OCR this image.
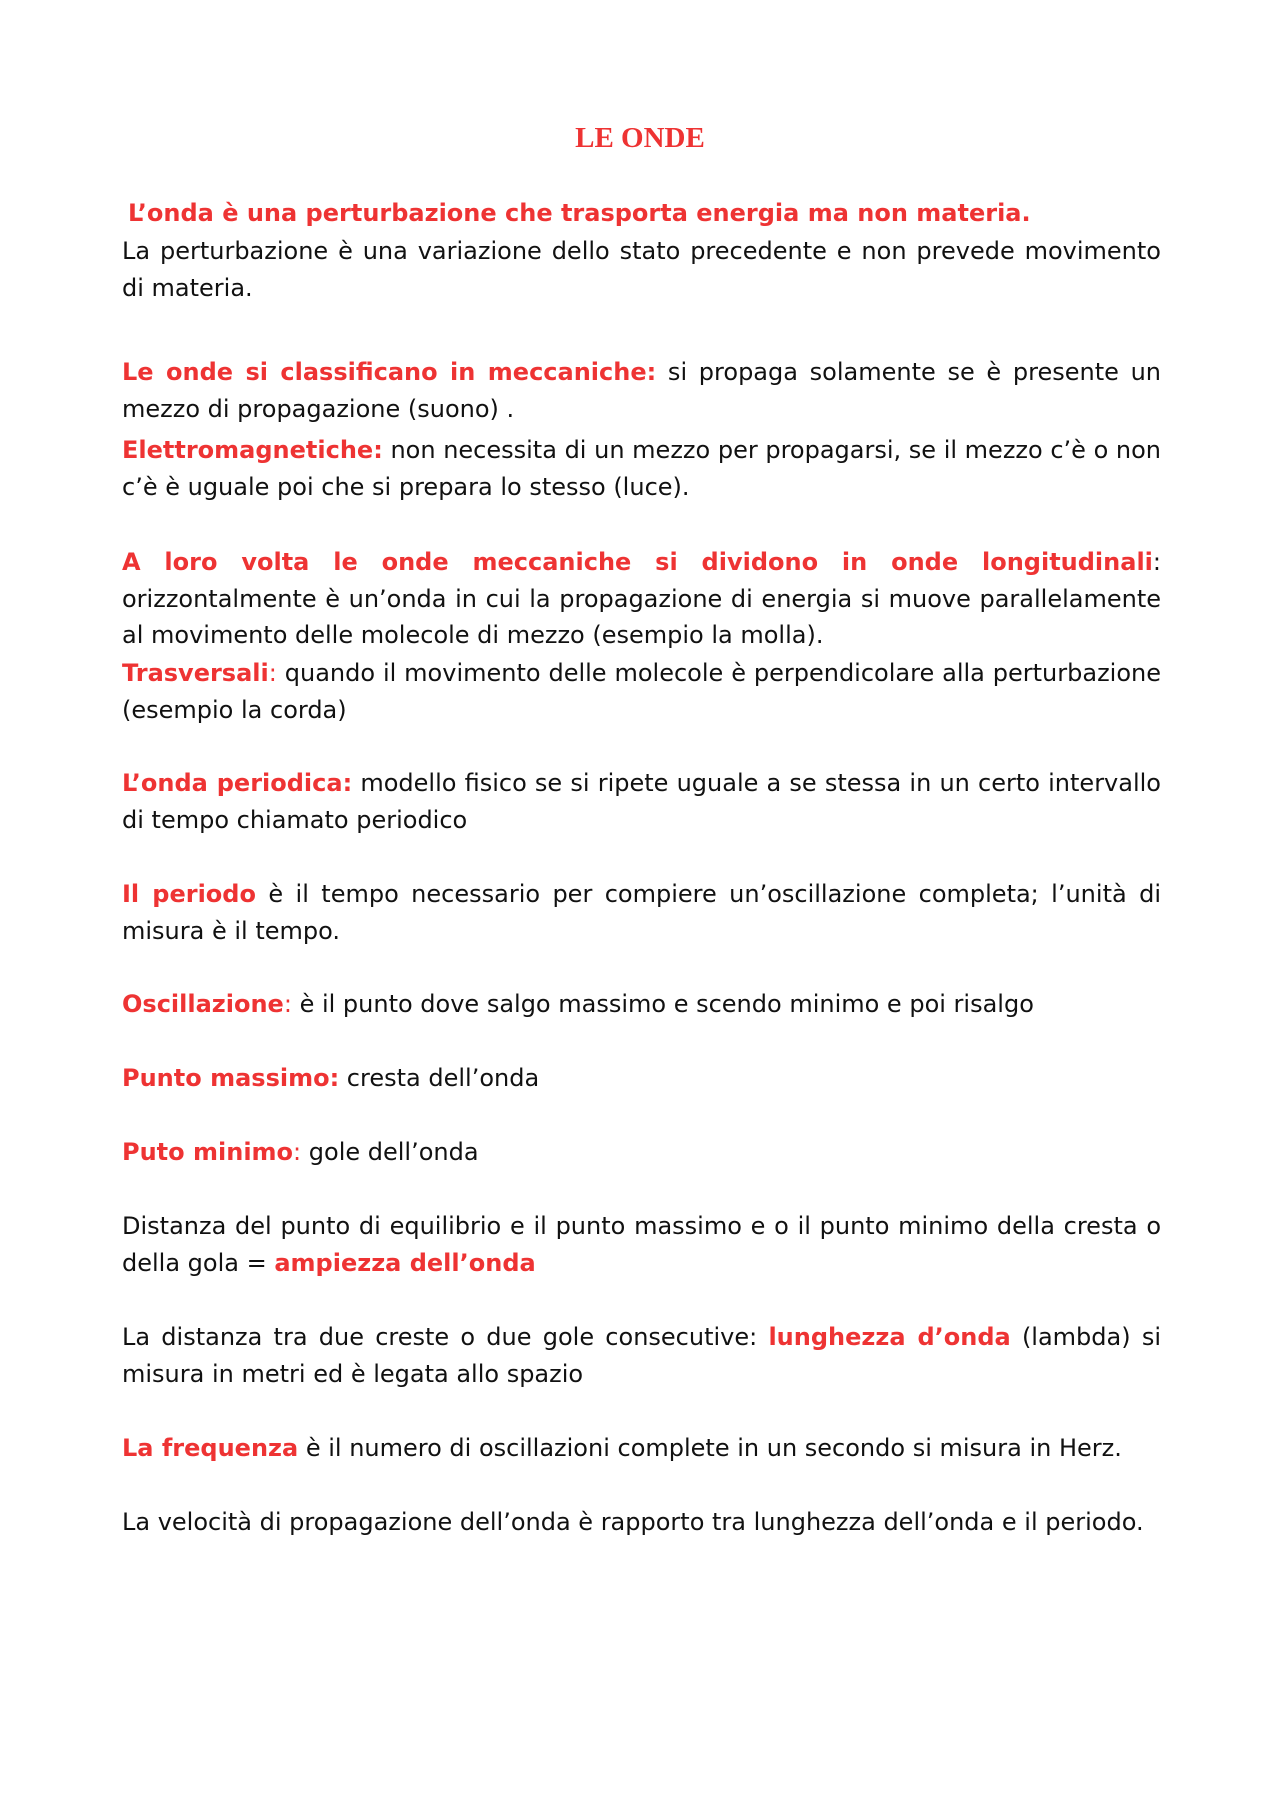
LE ONDE

L’onda è una perturbazione che trasporta energia ma non materia.

La perturbazione è una variazione dello stato precedente e non prevede movimento di materia.

Le onde si classificano in meccaniche: si propaga solamente se è presente un mezzo di propagazione (suono) .

Elettromagnetiche: non necessita di un mezzo per propagarsi, se il mezzo c’è o non c’è è uguale poi che si prepara lo stesso (luce).

A loro volta le onde meccaniche si dividono in onde longitudinali: orizzontalmente è un’onda in cui la propagazione di energia si muove parallelamente al movimento delle molecole di mezzo (esempio la molla).

Trasversali: quando il movimento delle molecole è perpendicolare alla perturbazione (esempio la corda)

L’onda periodica: modello fisico se si ripete uguale a se stessa in un certo intervallo di tempo chiamato periodico

Il periodo è il tempo necessario per compiere un’oscillazione completa; l’unità di misura è il tempo.

Oscillazione: è il punto dove salgo massimo e scendo minimo e poi risalgo

Punto massimo: cresta dell’onda

Puto minimo: gole dell’onda

Distanza del punto di equilibrio e il punto massimo e o il punto minimo della cresta o della gola = ampiezza dell’onda

La distanza tra due creste o due gole consecutive: lunghezza d’onda (lambda) si misura in metri ed è legata allo spazio

La frequenza è il numero di oscillazioni complete in un secondo si misura in Herz.

La velocità di propagazione dell’onda è rapporto tra lunghezza dell’onda e il periodo.
